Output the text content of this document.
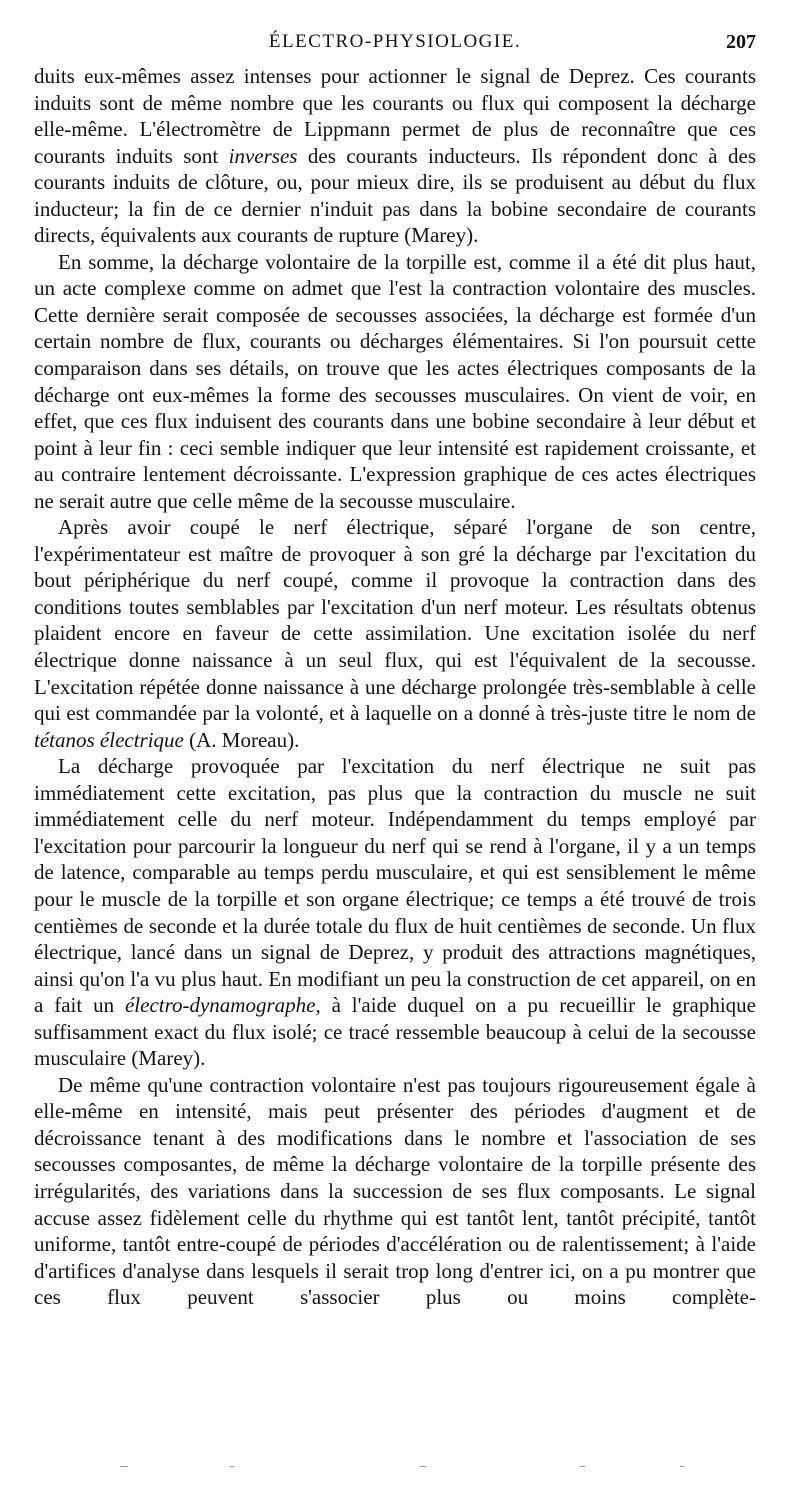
ÉLECTRO-PHYSIOLOGIE.	207

duits eux-mêmes assez intenses pour actionner le signal de Deprez. Ces courants induits sont de même nombre que les courants ou flux qui composent la décharge elle-même. L'électromètre de Lippmann permet de plus de reconnaître que ces courants induits sont inverses des courants inducteurs. Ils répondent donc à des courants induits de clôture, ou, pour mieux dire, ils se produisent au début du flux inducteur; la fin de ce dernier n'induit pas dans la bobine secondaire de courants directs, équivalents aux courants de rupture (Marey).

En somme, la décharge volontaire de la torpille est, comme il a été dit plus haut, un acte complexe comme on admet que l'est la contraction volontaire des muscles. Cette dernière serait composée de secousses associées, la décharge est formée d'un certain nombre de flux, courants ou décharges élémentaires. Si l'on poursuit cette comparaison dans ses détails, on trouve que les actes électriques composants de la décharge ont eux-mêmes la forme des secousses musculaires. On vient de voir, en effet, que ces flux induisent des courants dans une bobine secondaire à leur début et point à leur fin : ceci semble indiquer que leur intensité est rapidement croissante, et au contraire lentement décroissante. L'expression graphique de ces actes électriques ne serait autre que celle même de la secousse musculaire.

Après avoir coupé le nerf électrique, séparé l'organe de son centre, l'expérimentateur est maître de provoquer à son gré la décharge par l'excitation du bout périphérique du nerf coupé, comme il provoque la contraction dans des conditions toutes semblables par l'excitation d'un nerf moteur. Les résultats obtenus plaident encore en faveur de cette assimilation. Une excitation isolée du nerf électrique donne naissance à un seul flux, qui est l'équivalent de la secousse. L'excitation répétée donne naissance à une décharge prolongée très-semblable à celle qui est commandée par la volonté, et à laquelle on a donné à très-juste titre le nom de tétanos électrique (A. Moreau).

La décharge provoquée par l'excitation du nerf électrique ne suit pas immédiatement cette excitation, pas plus que la contraction du muscle ne suit immédiatement celle du nerf moteur. Indépendamment du temps employé par l'excitation pour parcourir la longueur du nerf qui se rend à l'organe, il y a un temps de latence, comparable au temps perdu musculaire, et qui est sensiblement le même pour le muscle de la torpille et son organe électrique; ce temps a été trouvé de trois centièmes de seconde et la durée totale du flux de huit centièmes de seconde. Un flux électrique, lancé dans un signal de Deprez, y produit des attractions magnétiques, ainsi qu'on l'a vu plus haut. En modifiant un peu la construction de cet appareil, on en a fait un électro-dynamographe, à l'aide duquel on a pu recueillir le graphique suffisamment exact du flux isolé; ce tracé ressemble beaucoup à celui de la secousse musculaire (Marey).

De même qu'une contraction volontaire n'est pas toujours rigoureusement égale à elle-même en intensité, mais peut présenter des périodes d'augment et de décroissance tenant à des modifications dans le nombre et l'association de ses secousses composantes, de même la décharge volontaire de la torpille présente des irrégularités, des variations dans la succession de ses flux composants. Le signal accuse assez fidèlement celle du rhythme qui est tantôt lent, tantôt précipité, tantôt uniforme, tantôt entre-coupé de périodes d'accélération ou de ralentissement; à l'aide d'artifices d'analyse dans lesquels il serait trop long d'entrer ici, on a pu montrer que ces flux peuvent s'associer plus ou moins complète-
